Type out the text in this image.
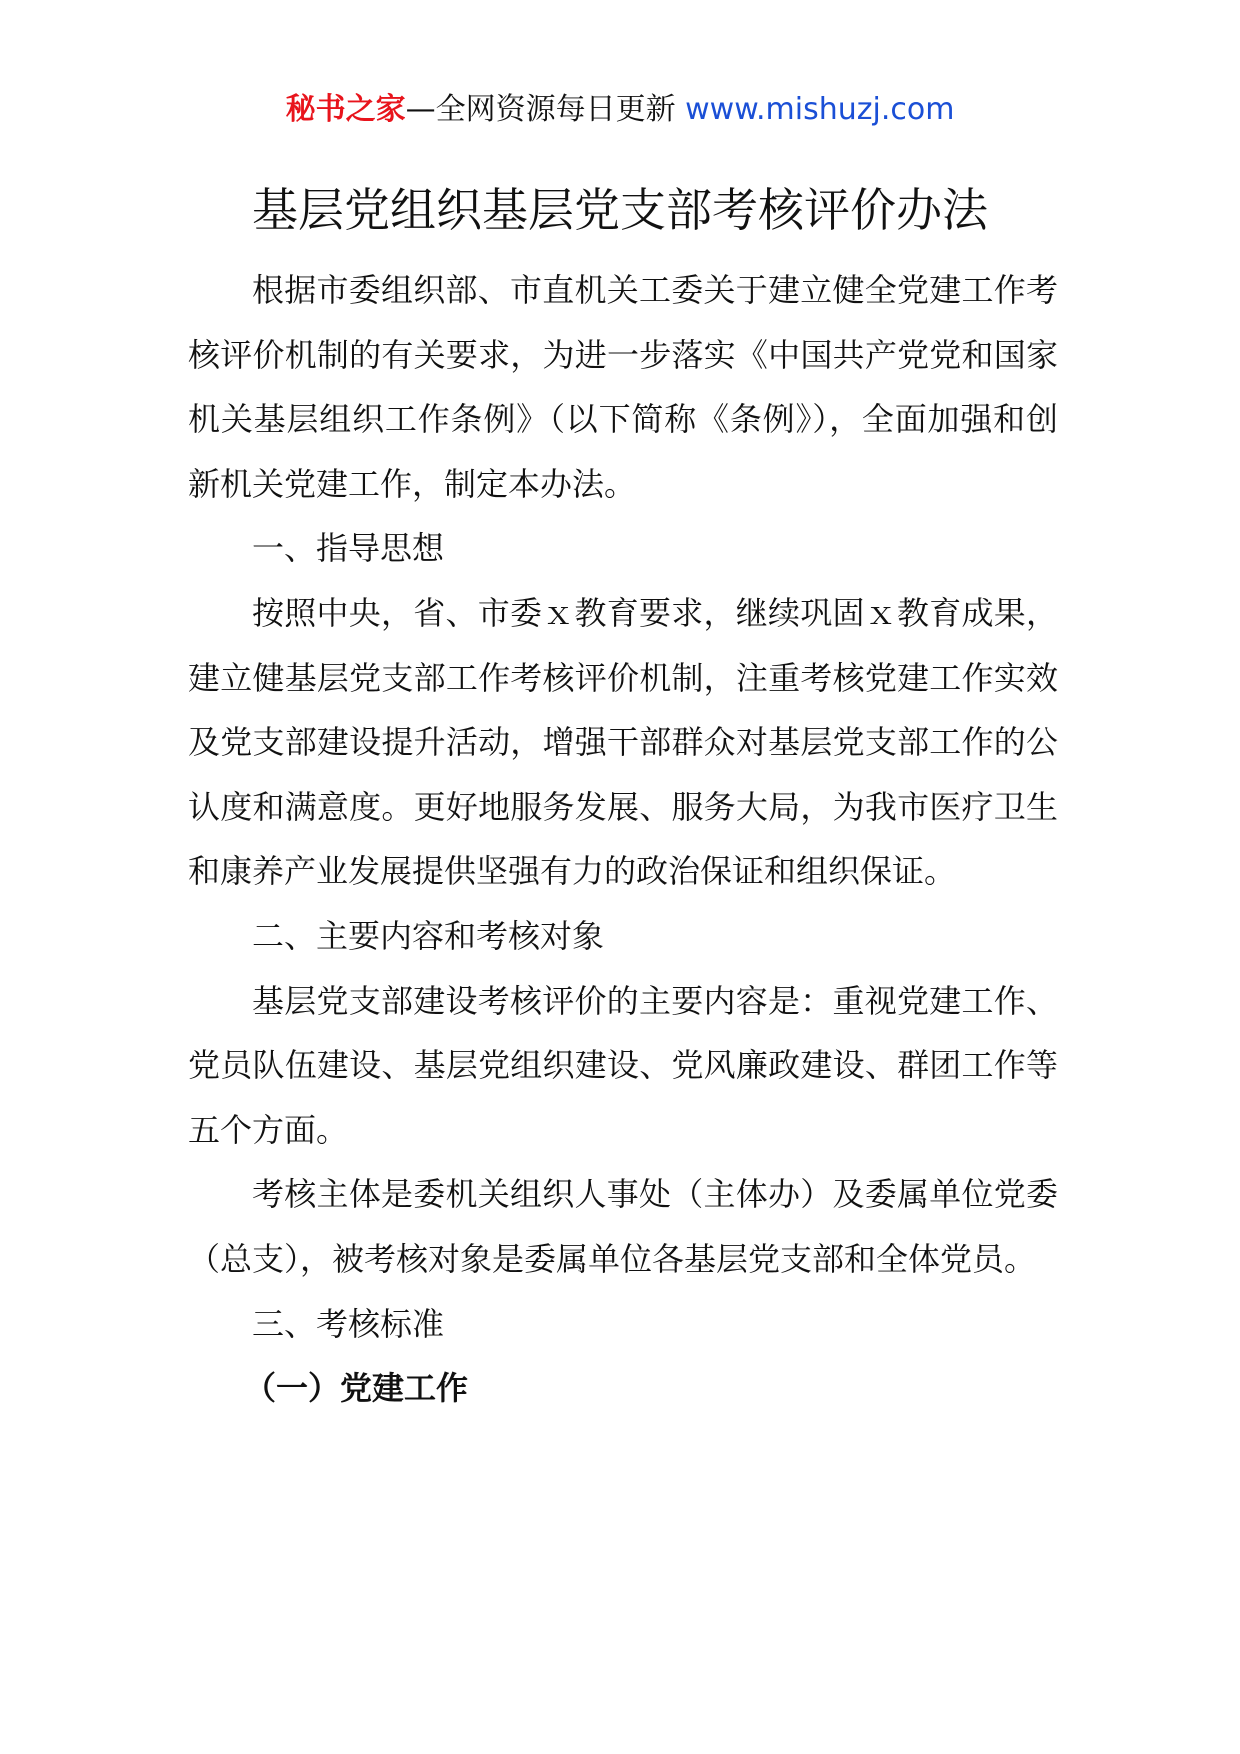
秘书之家—全网资源每日更新 www.mishuzj.com
基层党组织基层党支部考核评价办法

根据市委组织部、市直机关工委关于建立健全党建工作考核评价机制的有关要求，为进一步落实《中国共产党党和国家机关基层组织工作条例》（以下简称《条例》），全面加强和创新机关党建工作，制定本办法。

一、指导思想

按照中央，省、市委ｘ教育要求，继续巩固ｘ教育成果，建立健基层党支部工作考核评价机制，注重考核党建工作实效及党支部建设提升活动，增强干部群众对基层党支部工作的公认度和满意度。更好地服务发展、服务大局，为我市医疗卫生和康养产业发展提供坚强有力的政治保证和组织保证。

二、主要内容和考核对象

基层党支部建设考核评价的主要内容是：重视党建工作、党员队伍建设、基层党组织建设、党风廉政建设、群团工作等五个方面。

考核主体是委机关组织人事处（主体办）及委属单位党委（总支），被考核对象是委属单位各基层党支部和全体党员。

三、考核标准

（一）党建工作
